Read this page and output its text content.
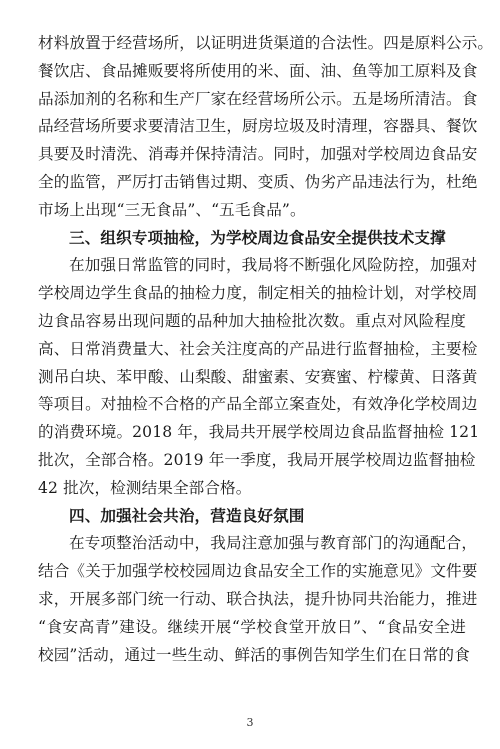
材料放置于经营场所，以证明进货渠道的合法性。四是原料公示。
餐饮店、食品摊贩要将所使用的米、面、油、鱼等加工原料及食
品添加剂的名称和生产厂家在经营场所公示。五是场所清洁。食
品经营场所要求要清洁卫生，厨房垃圾及时清理，容器具、餐饮
具要及时清洗、消毒并保持清洁。同时，加强对学校周边食品安
全的监管，严厉打击销售过期、变质、伪劣产品违法行为，杜绝
市场上出现“三无食品”、“五毛食品”。
三、组织专项抽检，为学校周边食品安全提供技术支撑
在加强日常监管的同时，我局将不断强化风险防控，加强对
学校周边学生食品的抽检力度，制定相关的抽检计划，对学校周
边食品容易出现问题的品种加大抽检批次数。重点对风险程度
高、日常消费量大、社会关注度高的产品进行监督抽检，主要检
测吊白块、苯甲酸、山梨酸、甜蜜素、安赛蜜、柠檬黄、日落黄
等项目。对抽检不合格的产品全部立案查处，有效净化学校周边
的消费环境。2018 年，我局共开展学校周边食品监督抽检 121
批次，全部合格。2019 年一季度，我局开展学校周边监督抽检
42 批次，检测结果全部合格。
四、加强社会共治，营造良好氛围
在专项整治活动中，我局注意加强与教育部门的沟通配合，
结合《关于加强学校校园周边食品安全工作的实施意见》文件要
求，开展多部门统一行动、联合执法，提升协同共治能力，推进
“食安高青”建设。继续开展“学校食堂开放日”、“食品安全进
校园”活动，通过一些生动、鲜活的事例告知学生们在日常的食
3
